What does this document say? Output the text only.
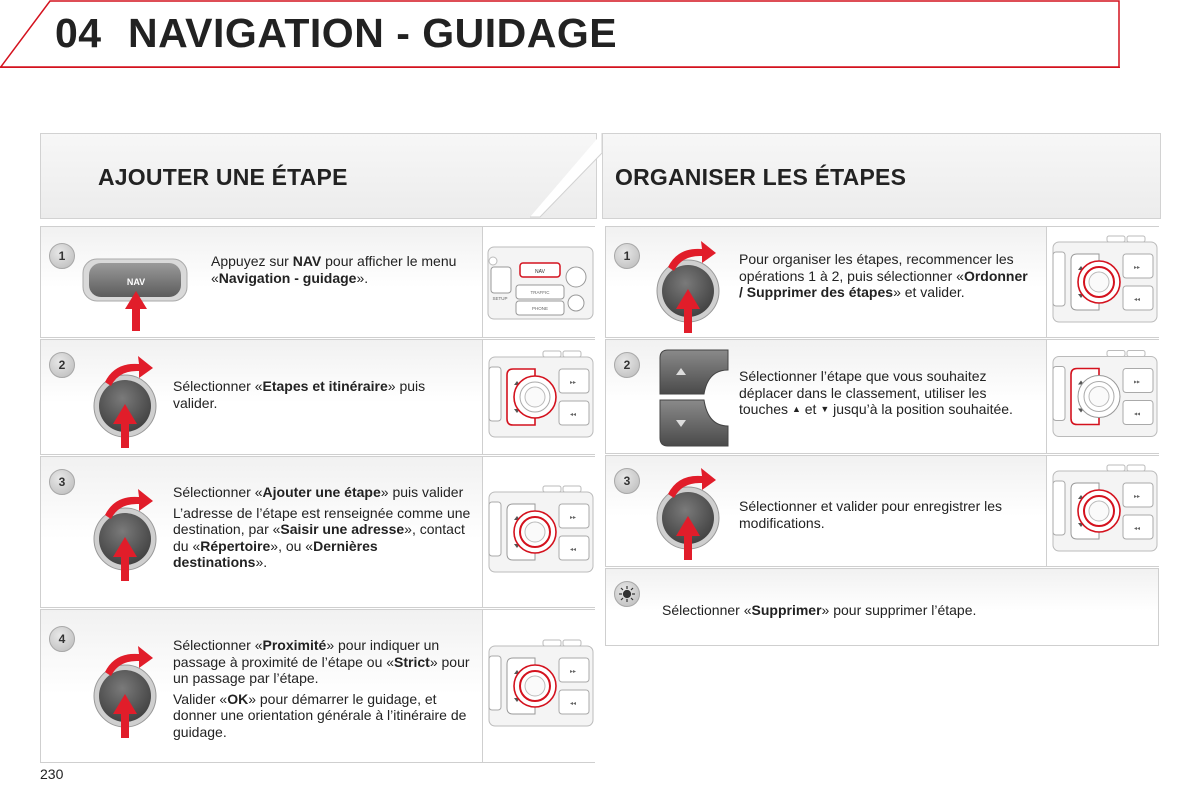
04 NAVIGATION - GUIDAGE
AJOUTER UNE ÉTAPE	ORGANISER LES ÉTAPES
1
NAV

Appuyez sur NAV pour afficher le menu «Navigation - guidage».	NAV
TRAFFIC
PHONE
SETUP
2

Sélectionner «Etapes et itinéraire» puis valider.

▸▸
◂◂
3

Sélectionner «Ajouter une étape» puis valider

L’adresse de l’étape est renseignée comme une destination, par «Saisir une adresse», contact du «Répertoire», ou «Dernières destinations».

▸▸
◂◂
4	Sélectionner «Proximité» pour indiquer un passage à proximité de l’étape ou «Strict» pour un passage par l’étape.

Valider «OK» pour démarrer le guidage, et donner une orientation générale à l’itinéraire de guidage.

▸▸
◂◂
1	Pour organiser les étapes, recommencer les opérations 1 à 2, puis sélectionner «Ordonner / Supprimer des étapes» et valider.

▸▸
◂◂
2

Sélectionner l’étape que vous souhaitez déplacer dans le classement, utiliser les touches ▲ et ▼ jusqu’à la position souhaitée.

▸▸
◂◂
3

Sélectionner et valider pour enregistrer les modifications.

▸▸
◂◂

Sélectionner «Supprimer» pour supprimer l’étape.

230
